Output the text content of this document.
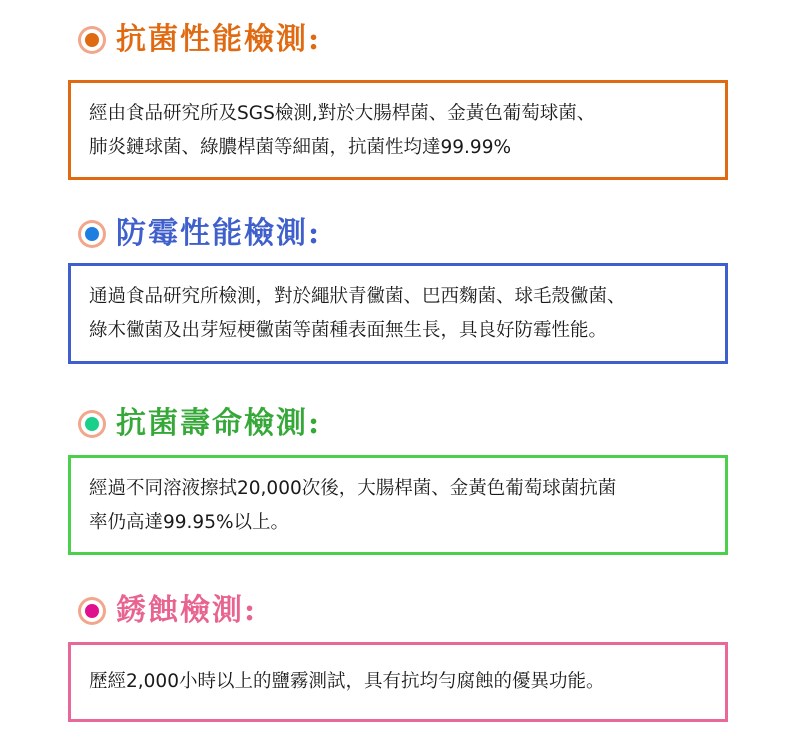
抗菌性能檢測:
經由食品研究所及SGS檢測,對於大腸桿菌、金黃色葡萄球菌、
肺炎鏈球菌、綠膿桿菌等細菌，抗菌性均達99.99%
防霉性能檢測:
通過食品研究所檢測，對於繩狀青黴菌、巴西麴菌、球毛殼黴菌、
綠木黴菌及出芽短梗黴菌等菌種表面無生長，具良好防霉性能。
抗菌壽命檢測:
經過不同溶液擦拭20,000次後，大腸桿菌、金黃色葡萄球菌抗菌
率仍高達99.95%以上。
銹蝕檢測:
歷經2,000小時以上的鹽霧測試，具有抗均勻腐蝕的優異功能。
